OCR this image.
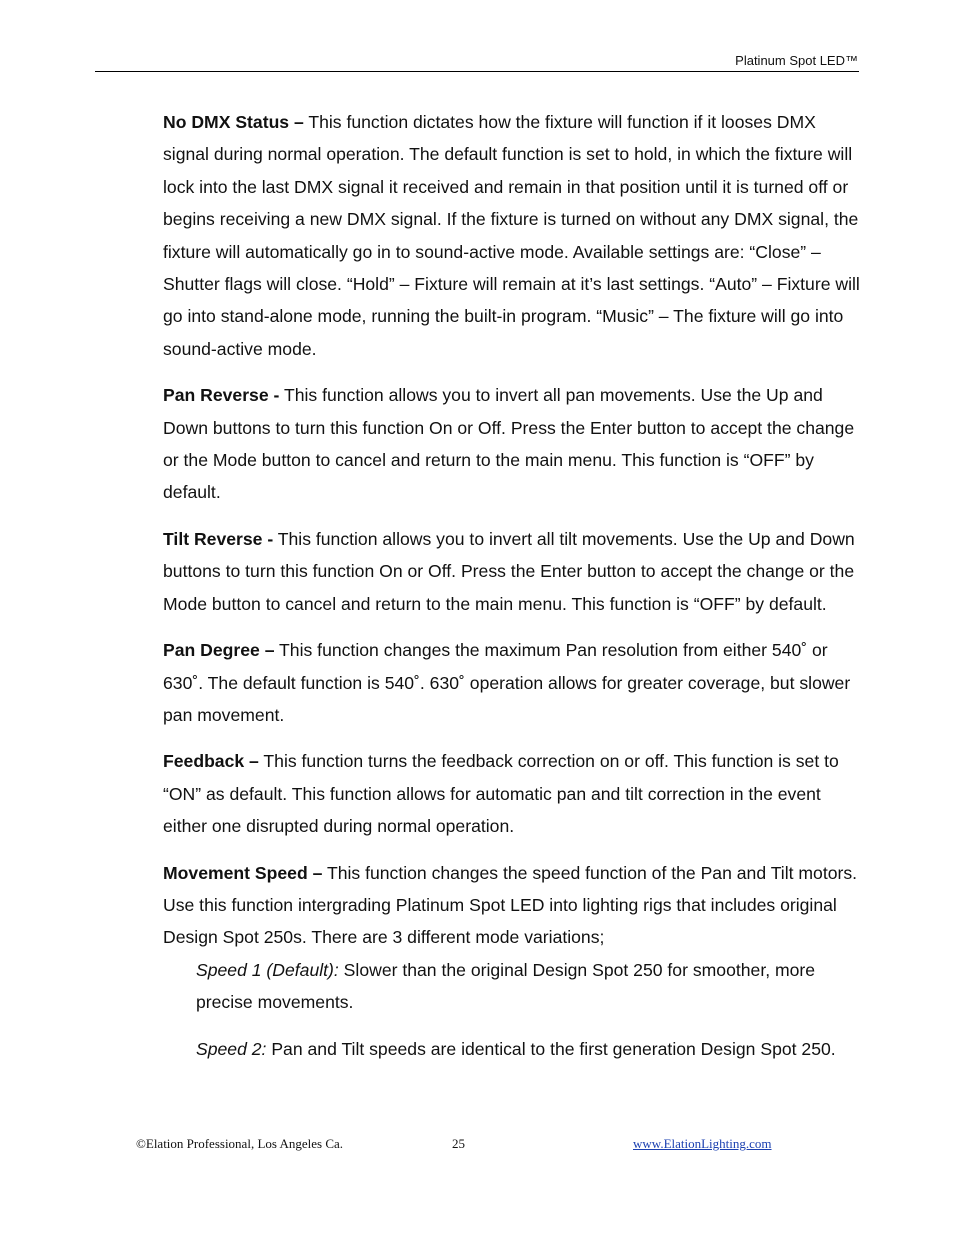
Platinum Spot LED™

No DMX Status – This function dictates how the fixture will function if it looses DMX signal during normal operation. The default function is set to hold, in which the fixture will lock into the last DMX signal it received and remain in that position until it is turned off or begins receiving a new DMX signal. If the fixture is turned on without any DMX signal, the fixture will automatically go in to sound-active mode. Available settings are: “Close” – Shutter flags will close. “Hold” – Fixture will remain at it’s last settings. “Auto” – Fixture will go into stand-alone mode, running the built-in program. “Music” – The fixture will go into sound-active mode.

Pan Reverse - This function allows you to invert all pan movements. Use the Up and Down buttons to turn this function On or Off. Press the Enter button to accept the change or the Mode button to cancel and return to the main menu. This function is “OFF” by default.

Tilt Reverse - This function allows you to invert all tilt movements. Use the Up and Down buttons to turn this function On or Off. Press the Enter button to accept the change or the Mode button to cancel and return to the main menu. This function is “OFF” by default.

Pan Degree – This function changes the maximum Pan resolution from either 540˚ or 630˚. The default function is 540˚. 630˚ operation allows for greater coverage, but slower pan movement.

Feedback – This function turns the feedback correction on or off. This function is set to “ON” as default. This function allows for automatic pan and tilt correction in the event either one disrupted during normal operation.

Movement Speed – This function changes the speed function of the Pan and Tilt motors. Use this function intergrading Platinum Spot LED into lighting rigs that includes original Design Spot 250s. There are 3 different mode variations;

Speed 1 (Default): Slower than the original Design Spot 250 for smoother, more precise movements.

Speed 2: Pan and Tilt speeds are identical to the first generation Design Spot 250.

©Elation Professional, Los Angeles Ca.	25	www.ElationLighting.com
